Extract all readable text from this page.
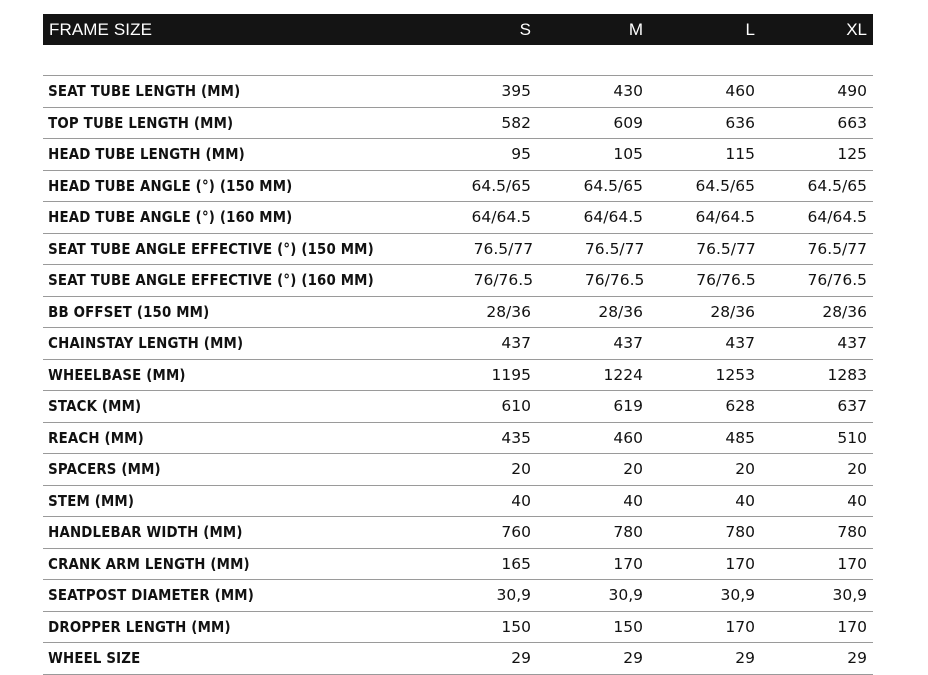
FRAME SIZE	S	M	L	XL
SEAT TUBE LENGTH (MM)	395	430	460	490
TOP TUBE LENGTH (MM)	582	609	636	663
HEAD TUBE LENGTH (MM)	95	105	115	125
HEAD TUBE ANGLE (°) (150 MM)	64.5/65	64.5/65	64.5/65	64.5/65
HEAD TUBE ANGLE (°) (160 MM)	64/64.5	64/64.5	64/64.5	64/64.5
SEAT TUBE ANGLE EFFECTIVE (°) (150 MM)	76.5/77	76.5/77	76.5/77	76.5/77
SEAT TUBE ANGLE EFFECTIVE (°) (160 MM)	76/76.5	76/76.5	76/76.5	76/76.5
BB OFFSET (150 MM)	28/36	28/36	28/36	28/36
CHAINSTAY LENGTH (MM)	437	437	437	437
WHEELBASE (MM)	1195	1224	1253	1283
STACK (MM)	610	619	628	637
REACH (MM)	435	460	485	510
SPACERS (MM)	20	20	20	20
STEM (MM)	40	40	40	40
HANDLEBAR WIDTH (MM)	760	780	780	780
CRANK ARM LENGTH (MM)	165	170	170	170
SEATPOST DIAMETER (MM)	30,9	30,9	30,9	30,9
DROPPER LENGTH (MM)	150	150	170	170
WHEEL SIZE	29	29	29	29
